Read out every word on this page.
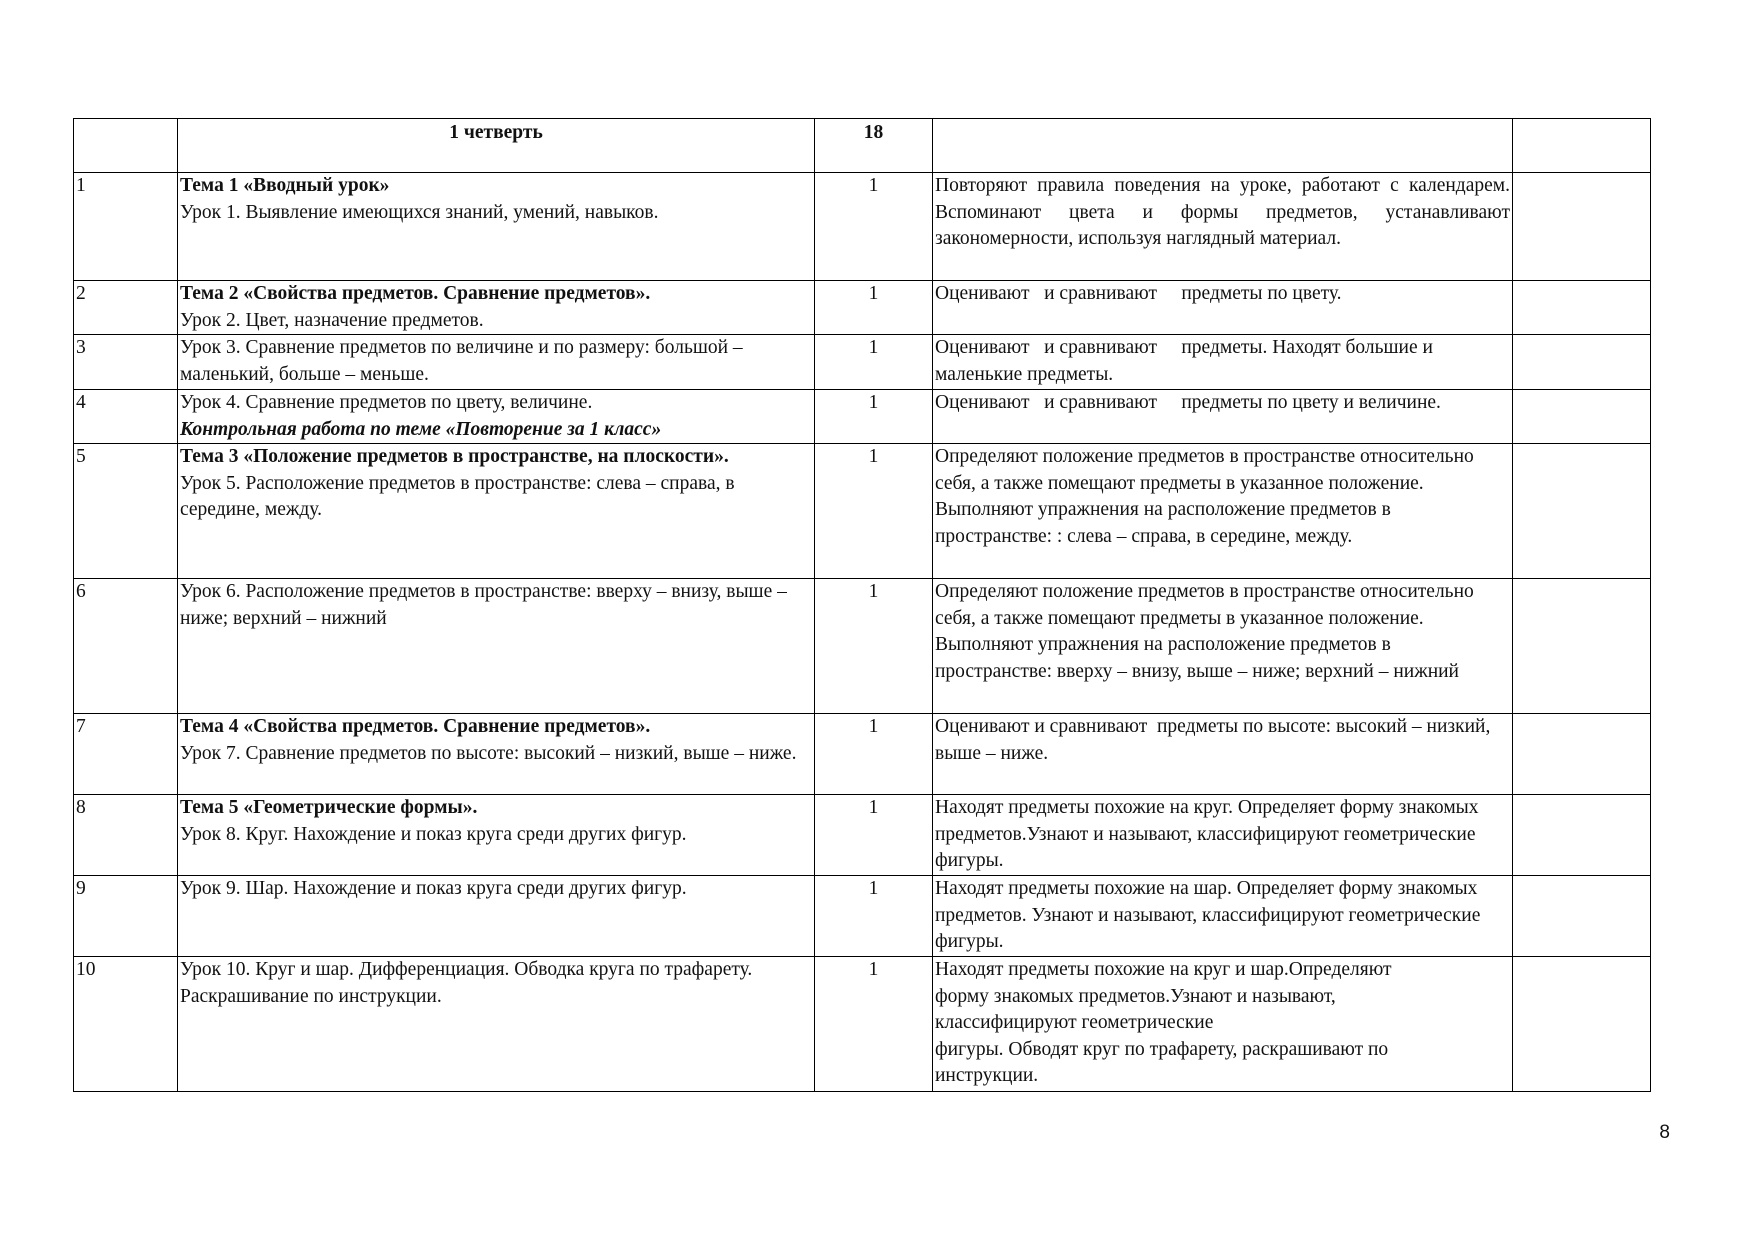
	1 четверть	18		
1	Тема 1 «Вводный урок»
Урок 1. Выявление имеющихся знаний, умений, навыков.	1	Повторяют правила поведения на уроке, работают с календарем. Вспоминают цвета и формы предметов, устанавливают закономерности, используя наглядный материал.	
2	Тема 2 «Свойства предметов. Сравнение предметов».
Урок 2. Цвет, назначение предметов.	1	Оценивают   и сравнивают     предметы по цвету.	
3	Урок 3. Сравнение предметов по величине и по размеру: большой – маленький, больше – меньше.	1	Оценивают   и сравнивают     предметы. Находят большие и маленькие предметы.	
4	Урок 4. Сравнение предметов по цвету, величине.
Контрольная работа по теме «Повторение за 1 класс»	1	Оценивают   и сравнивают     предметы по цвету и величине.	
5	Тема 3 «Положение предметов в пространстве, на плоскости».
Урок 5. Расположение предметов в пространстве: слева – справа, в середине, между.	1	Определяют положение предметов в пространстве относительно себя, а также помещают предметы в указанное положение. Выполняют упражнения на расположение предметов в пространстве: : слева – справа, в середине, между.	
6	Урок 6. Расположение предметов в пространстве: вверху – внизу, выше – ниже; верхний – нижний	1	Определяют положение предметов в пространстве относительно себя, а также помещают предметы в указанное положение. Выполняют упражнения на расположение предметов в пространстве: вверху – внизу, выше – ниже; верхний – нижний	
7	Тема 4 «Свойства предметов. Сравнение предметов».
Урок 7. Сравнение предметов по высоте: высокий – низкий, выше – ниже.	1	Оценивают и сравнивают  предметы по высоте: высокий – низкий, выше – ниже.	
8	Тема 5 «Геометрические формы».
Урок 8. Круг. Нахождение и показ круга среди других фигур.	1	Находят предметы похожие на круг. Определяет форму знакомых предметов.Узнают и называют, классифицируют геометрические фигуры.	
9	Урок 9. Шар. Нахождение и показ круга среди других фигур.	1	Находят предметы похожие на шар. Определяет форму знакомых предметов. Узнают и называют, классифицируют геометрические фигуры.	
10	Урок 10. Круг и шар. Дифференциация. Обводка круга по трафарету. Раскрашивание по инструкции.	1	Находят предметы похожие на круг и шар.Определяют
форму знакомых предметов.Узнают и называют,
классифицируют геометрические
фигуры. Обводят круг по трафарету, раскрашивают по
инструкции.	

8
